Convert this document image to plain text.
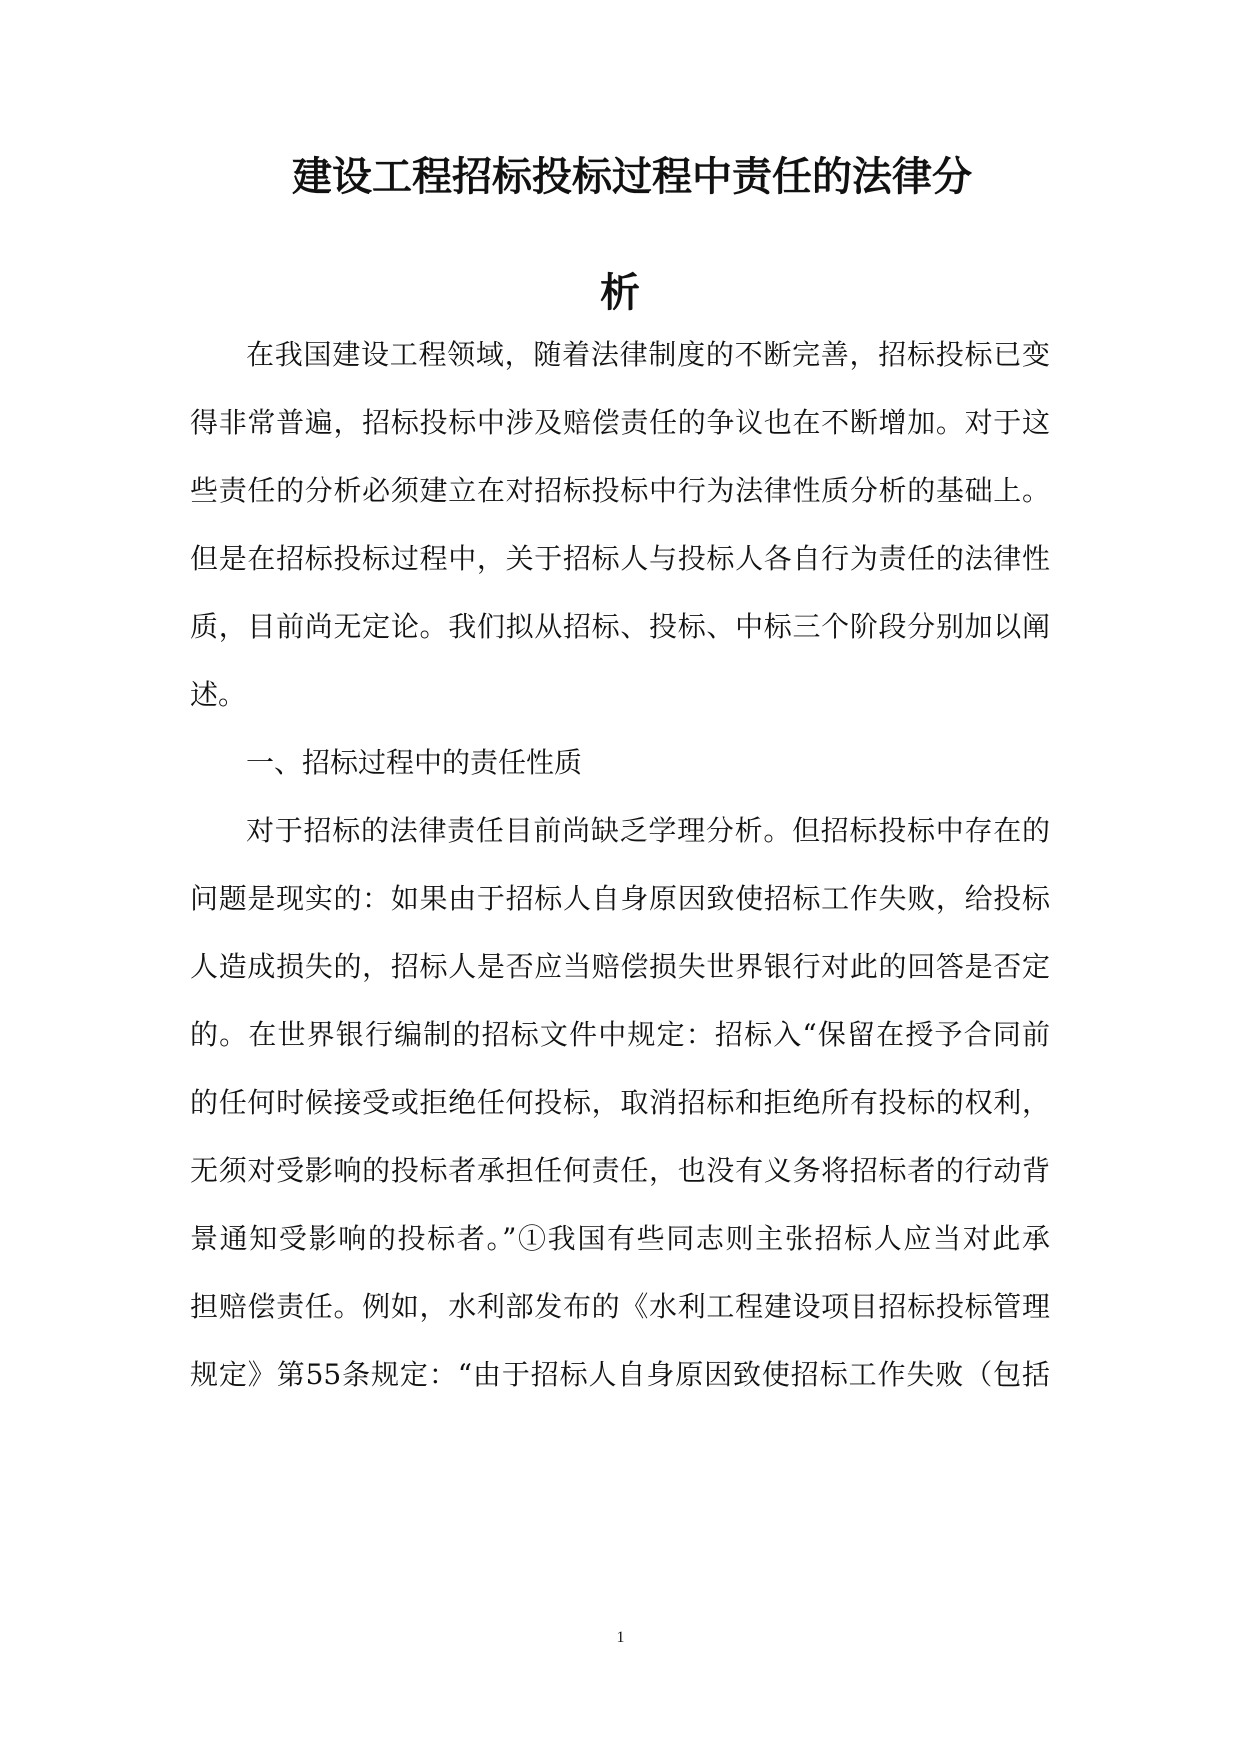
建设工程招标投标过程中责任的法律分
析

在我国建设工程领域，随着法律制度的不断完善，招标投标已变

得非常普遍，招标投标中涉及赔偿责任的争议也在不断增加。对于这

些责任的分析必须建立在对招标投标中行为法律性质分析的基础上。

但是在招标投标过程中，关于招标人与投标人各自行为责任的法律性

质，目前尚无定论。我们拟从招标、投标、中标三个阶段分别加以阐

述。

一、招标过程中的责任性质

对于招标的法律责任目前尚缺乏学理分析。但招标投标中存在的

问题是现实的：如果由于招标人自身原因致使招标工作失败，给投标

人造成损失的，招标人是否应当赔偿损失世界银行对此的回答是否定

的。在世界银行编制的招标文件中规定：招标入“保留在授予合同前

的任何时候接受或拒绝任何投标，取消招标和拒绝所有投标的权利，

无须对受影响的投标者承担任何责任，也没有义务将招标者的行动背

景通知受影响的投标者。”①我国有些同志则主张招标人应当对此承

担赔偿责任。例如，水利部发布的《水利工程建设项目招标投标管理

规定》第55条规定：“由于招标人自身原因致使招标工作失败（包括

1
